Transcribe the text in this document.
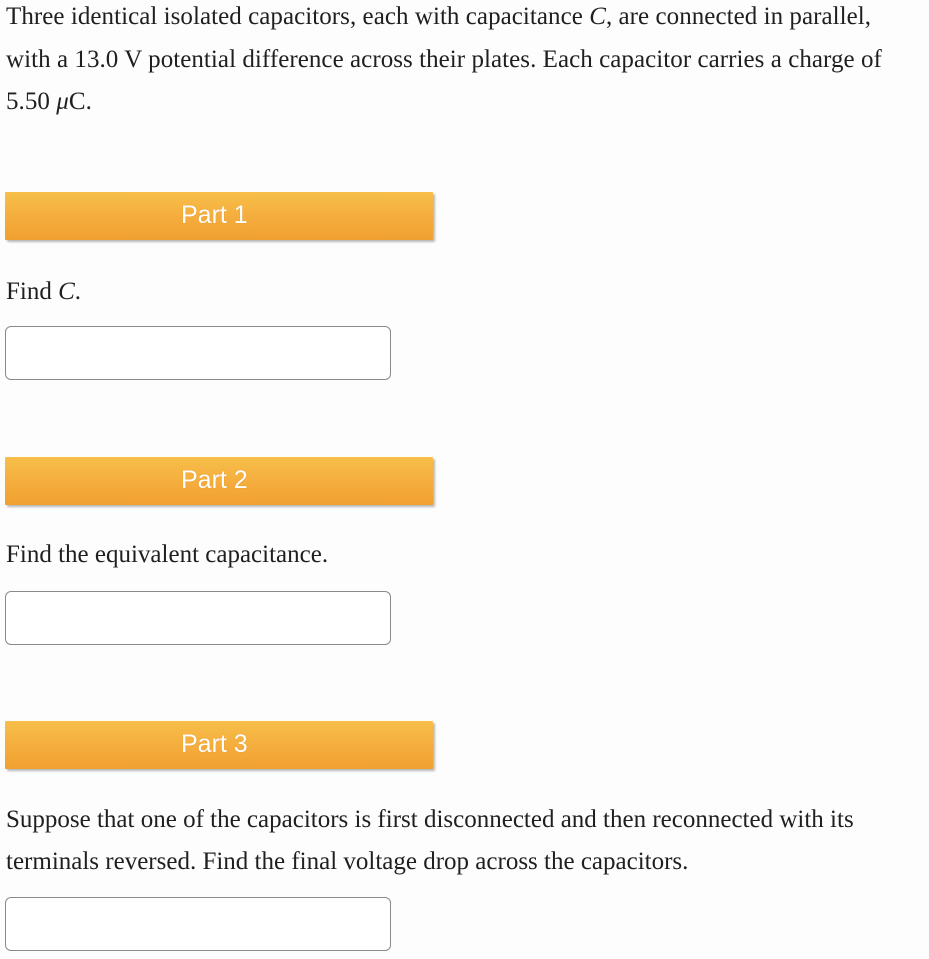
Three identical isolated capacitors, each with capacitance C, are connected in parallel, with a 13.0 V potential difference across their plates. Each capacitor carries a charge of 5.50 μC.

Part 1

Find C.

Part 2

Find the equivalent capacitance.

Part 3

Suppose that one of the capacitors is first disconnected and then reconnected with its terminals reversed. Find the final voltage drop across the capacitors.
